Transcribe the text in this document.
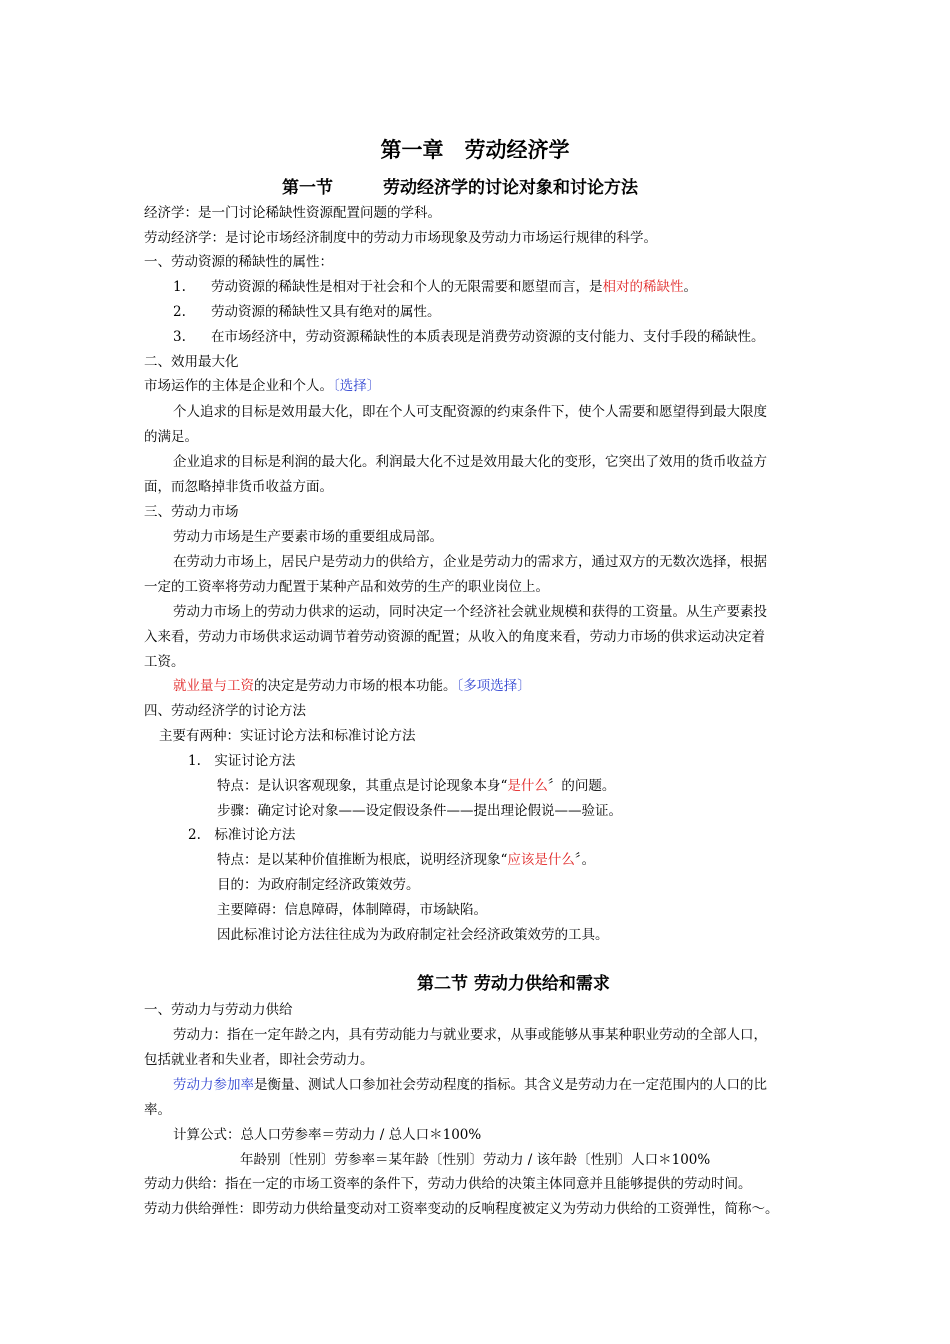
第一章　劳动经济学
第一节	劳动经济学的讨论对象和讨论方法
经济学：是一门讨论稀缺性资源配置问题的学科。
劳动经济学：是讨论市场经济制度中的劳动力市场现象及劳动力市场运行规律的科学。
一、劳动资源的稀缺性的属性：
1. 劳动资源的稀缺性是相对于社会和个人的无限需要和愿望而言，是相对的稀缺性。
2. 劳动资源的稀缺性又具有绝对的属性。
3. 在市场经济中，劳动资源稀缺性的本质表现是消费劳动资源的支付能力、支付手段的稀缺性。
二、效用最大化
市场运作的主体是企业和个人。〔选择〕
个人追求的目标是效用最大化，即在个人可支配资源的约束条件下，使个人需要和愿望得到最大限度
的满足。
企业追求的目标是利润的最大化。利润最大化不过是效用最大化的变形，它突出了效用的货币收益方
面，而忽略掉非货币收益方面。
三、劳动力市场
劳动力市场是生产要素市场的重要组成局部。
在劳动力市场上，居民户是劳动力的供给方，企业是劳动力的需求方，通过双方的无数次选择，根据
一定的工资率将劳动力配置于某种产品和效劳的生产的职业岗位上。
劳动力市场上的劳动力供求的运动，同时决定一个经济社会就业规模和获得的工资量。从生产要素投
入来看，劳动力市场供求运动调节着劳动资源的配置；从收入的角度来看，劳动力市场的供求运动决定着
工资。
就业量与工资的决定是劳动力市场的根本功能。〔多项选择〕
四、劳动经济学的讨论方法
主要有两种：实证讨论方法和标准讨论方法
1.　实证讨论方法
特点：是认识客观现象，其重点是讨论现象本身“是什么〞的问题。
步骤：确定讨论对象——设定假设条件——提出理论假说——验证。
2.　标准讨论方法
特点：是以某种价值推断为根底，说明经济现象“应该是什么〞。
目的：为政府制定经济政策效劳。
主要障碍：信息障碍，体制障碍，市场缺陷。
因此标准讨论方法往往成为为政府制定社会经济政策效劳的工具。
第二节 劳动力供给和需求
一、劳动力与劳动力供给
劳动力：指在一定年龄之内，具有劳动能力与就业要求，从事或能够从事某种职业劳动的全部人口，
包括就业者和失业者，即社会劳动力。
劳动力参加率是衡量、测试人口参加社会劳动程度的指标。其含义是劳动力在一定范围内的人口的比
率。
计算公式：总人口劳参率＝劳动力 / 总人口＊100%
年龄别〔性别〕劳参率＝某年龄〔性别〕劳动力 / 该年龄〔性别〕人口＊100%
劳动力供给：指在一定的市场工资率的条件下，劳动力供给的决策主体同意并且能够提供的劳动时间。
劳动力供给弹性：即劳动力供给量变动对工资率变动的反响程度被定义为劳动力供给的工资弹性，简称～。
